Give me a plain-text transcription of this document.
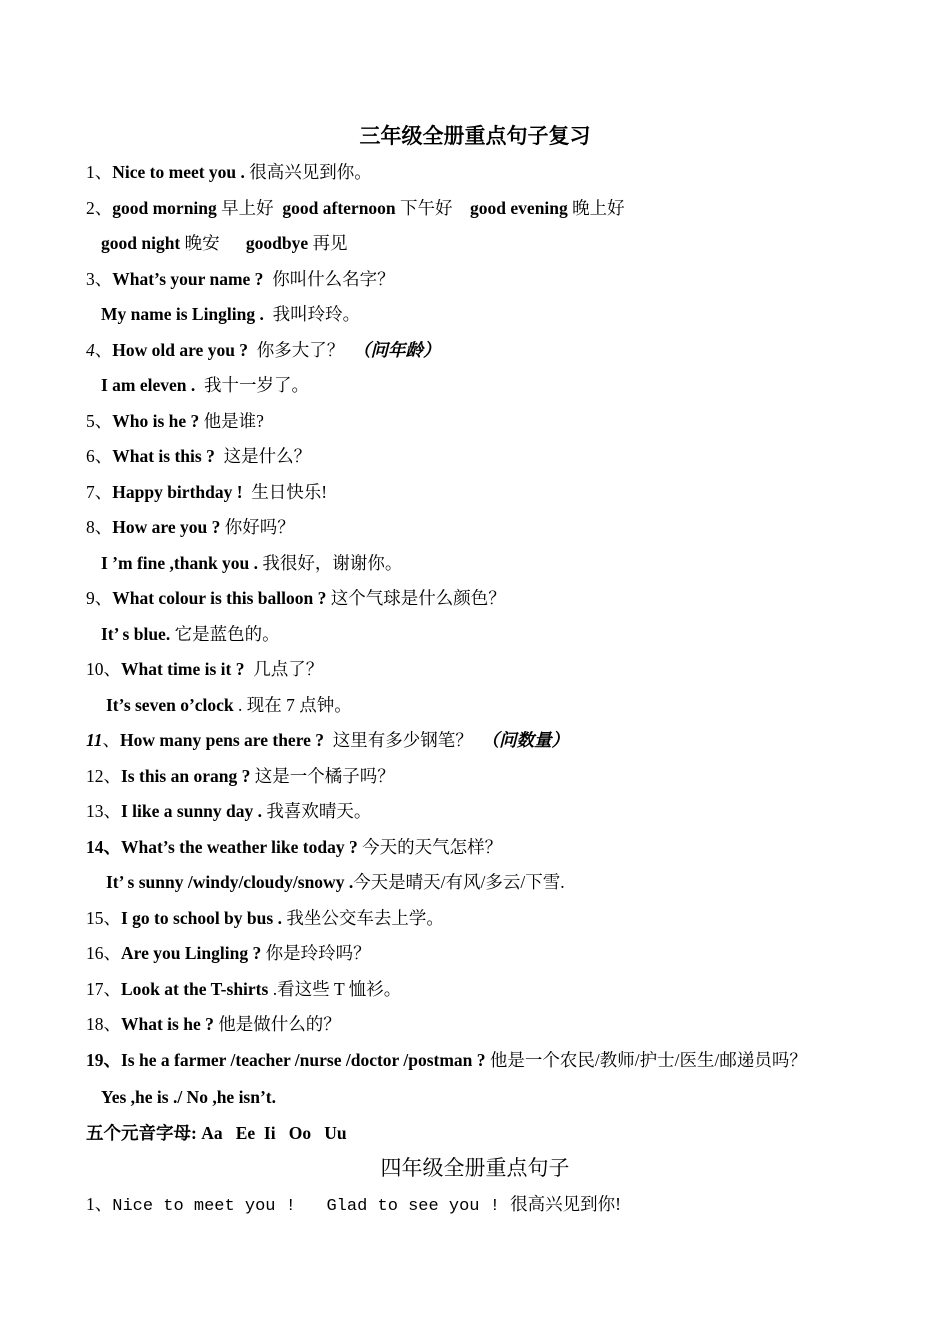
三年级全册重点句子复习
1、Nice to meet you . 很高兴见到你。
2、good morning 早上好  good afternoon 下午好    good evening 晚上好
good night 晚安      goodbye 再见
3、What’s your name ?  你叫什么名字？
My name is Lingling .  我叫玲玲。
4、How old are you ?  你多大了？  （问年龄）
I am eleven .  我十一岁了。
5、Who is he ? 他是谁?
6、What is this ?  这是什么？
7、Happy birthday !  生日快乐!
8、How are you ? 你好吗？
I ’m fine ,thank you . 我很好，谢谢你。
9、What colour is this balloon ? 这个气球是什么颜色？
It’ s blue. 它是蓝色的。
10、What time is it ?  几点了？
It’s seven o’clock . 现在 7 点钟。
11、How many pens are there ?  这里有多少钢笔？  （问数量）
12、Is this an orang ? 这是一个橘子吗？
13、I like a sunny day . 我喜欢晴天。
14、What’s the weather like today ? 今天的天气怎样？
It’ s sunny /windy/cloudy/snowy .今天是晴天/有风/多云/下雪.
15、I go to school by bus . 我坐公交车去上学。
16、Are you Lingling ? 你是玲玲吗？
17、Look at the T-shirts .看这些 T 恤衫。
18、What is he ? 他是做什么的？
19、Is he a farmer /teacher /nurse /doctor /postman ? 他是一个农民/教师/护士/医生/邮递员吗？
Yes ,he is ./ No ,he isn’t.
五个元音字母: Aa   Ee  Ii   Oo   Uu
四年级全册重点句子
1、Nice to meet you !   Glad to see you ! 很高兴见到你!
